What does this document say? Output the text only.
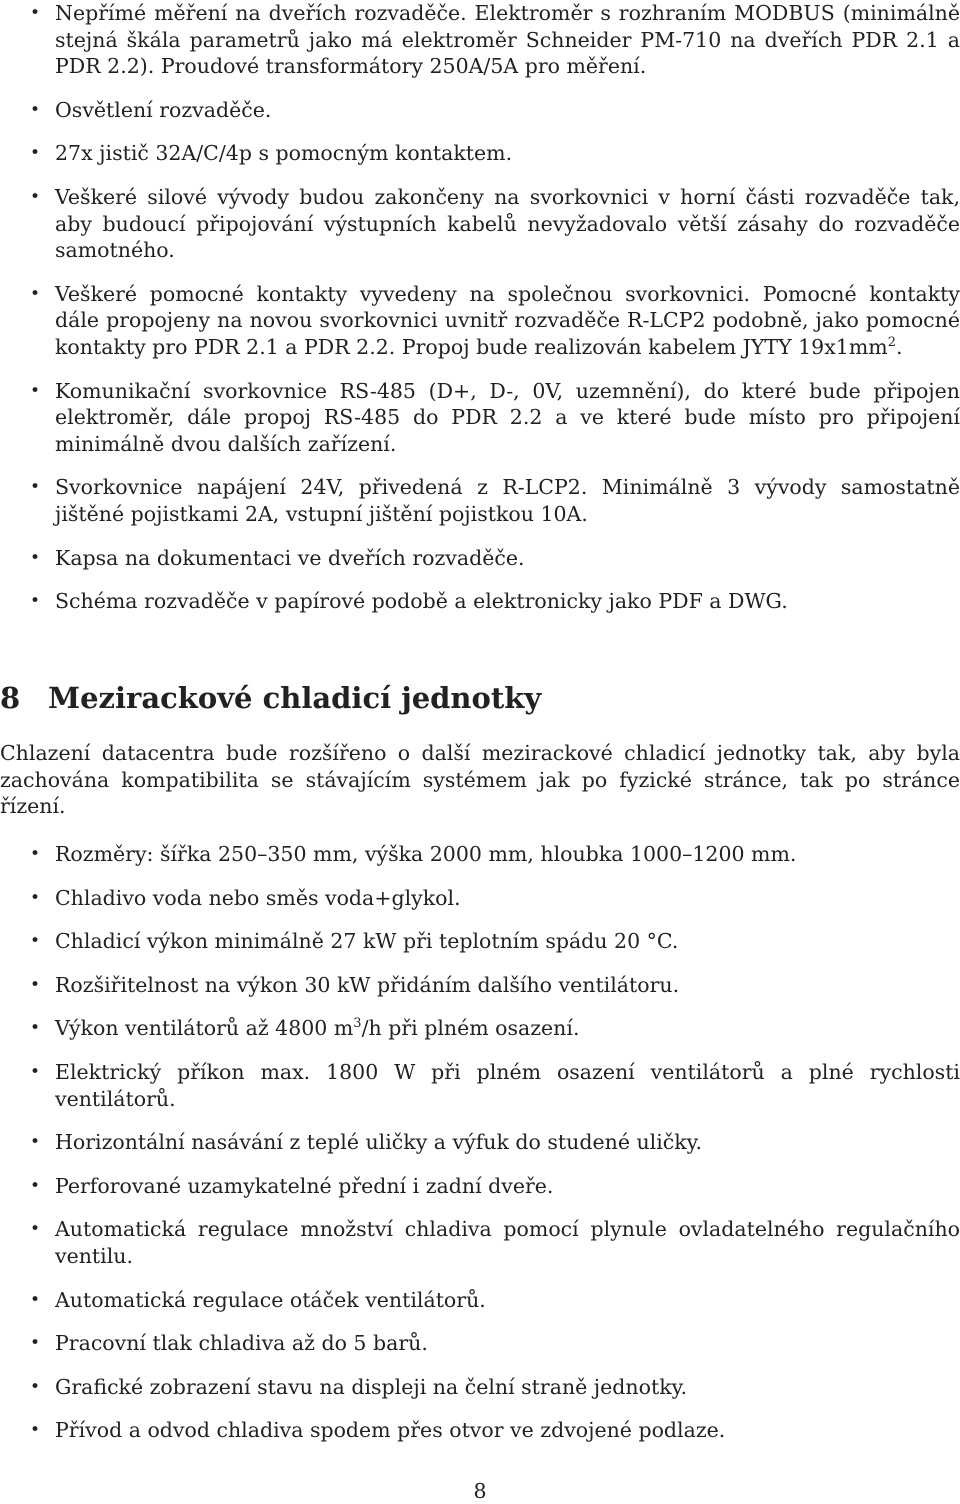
• Nepřímé měření na dveřích rozvaděče. Elektroměr s rozhraním MODBUS (minimálně stejná škála parametrů jako má elektroměr Schneider PM-710 na dveřích PDR 2.1 a PDR 2.2). Proudové transformátory 250A/5A pro měření.
• Osvětlení rozvaděče.
• 27x jistič 32A/C/4p s pomocným kontaktem.
• Veškeré silové vývody budou zakončeny na svorkovnici v horní části rozvaděče tak, aby budoucí připojování výstupních kabelů nevyžadovalo větší zásahy do rozvaděče samotného.
• Veškeré pomocné kontakty vyvedeny na společnou svorkovnici. Pomocné kontakty dále propojeny na novou svorkovnici uvnitř rozvaděče R-LCP2 podobně, jako pomocné kontakty pro PDR 2.1 a PDR 2.2. Propoj bude realizován kabelem JYTY $19x1mm^2$.
• Komunikační svorkovnice RS-485 (D+, D-, 0V, uzemnění), do které bude připojen elektroměr, dále propoj RS-485 do PDR 2.2 a ve které bude místo pro připojení minimálně dvou dalších zařízení.
• Svorkovnice napájení 24V, přivedená z R-LCP2. Minimálně 3 vývody samostatně jištěné pojistkami 2A, vstupní jištění pojistkou 10A.
• Kapsa na dokumentaci ve dveřích rozvaděče.
• Schéma rozvaděče v papírové podobě a elektronicky jako PDF a DWG.
8 Mezirackové chladicí jednotky

Chlazení datacentra bude rozšířeno o další mezirackové chladicí jednotky tak, aby byla zachována kompatibilita se stávajícím systémem jak po fyzické stránce, tak po stránce řízení.

• Rozměry: šířka 250–350 mm, výška 2000 mm, hloubka 1000–1200 mm.
• Chladivo voda nebo směs voda+glykol.
• Chladicí výkon minimálně 27 kW při teplotním spádu 20 °C.
• Rozšiřitelnost na výkon 30 kW přidáním dalšího ventilátoru.
• Výkon ventilátorů až 4800 $m^3/h$ při plném osazení.
• Elektrický příkon max. 1800 W při plném osazení ventilátorů a plné rychlosti ventilátorů.
• Horizontální nasávání z teplé uličky a výfuk do studené uličky.
• Perforované uzamykatelné přední i zadní dveře.
• Automatická regulace množství chladiva pomocí plynule ovladatelného regulačního ventilu.
• Automatická regulace otáček ventilátorů.
• Pracovní tlak chladiva až do 5 barů.
• Grafické zobrazení stavu na displeji na čelní straně jednotky.
• Přívod a odvod chladiva spodem přes otvor ve zdvojené podlaze.
8
